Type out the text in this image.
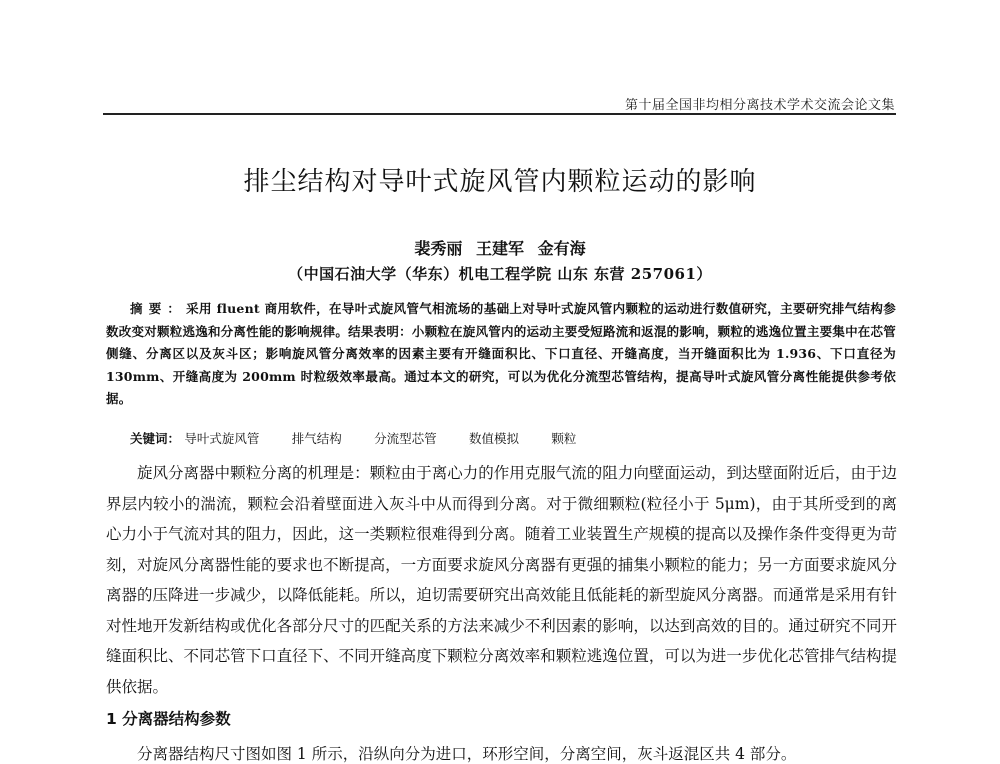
第十届全国非均相分离技术学术交流会论文集
排尘结构对导叶式旋风管内颗粒运动的影响
裴秀丽 王建军 金有海
（中国石油大学（华东）机电工程学院 山东 东营 257061）
摘要：采用 fluent 商用软件，在导叶式旋风管气相流场的基础上对导叶式旋风管内颗粒的运动进行数值研究，主要研究排气结构参数改变对颗粒逃逸和分离性能的影响规律。结果表明：小颗粒在旋风管内的运动主要受短路流和返混的影响，颗粒的逃逸位置主要集中在芯管侧缝、分离区以及灰斗区；影响旋风管分离效率的因素主要有开缝面积比、下口直径、开缝高度，当开缝面积比为 1.936、下口直径为 130mm、开缝高度为 200mm 时粒级效率最高。通过本文的研究，可以为优化分流型芯管结构，提高导叶式旋风管分离性能提供参考依据。
关键词： 导叶式旋风管	排气结构	分流型芯管	数值模拟	颗粒
旋风分离器中颗粒分离的机理是：颗粒由于离心力的作用克服气流的阻力向壁面运动，到达壁面附近后，由于边界层内较小的湍流，颗粒会沿着壁面进入灰斗中从而得到分离。对于微细颗粒(粒径小于 5μm)，由于其所受到的离心力小于气流对其的阻力，因此，这一类颗粒很难得到分离。随着工业装置生产规模的提高以及操作条件变得更为苛刻，对旋风分离器性能的要求也不断提高，一方面要求旋风分离器有更强的捕集小颗粒的能力；另一方面要求旋风分离器的压降进一步减少，以降低能耗。所以，迫切需要研究出高效能且低能耗的新型旋风分离器。而通常是采用有针对性地开发新结构或优化各部分尺寸的匹配关系的方法来减少不利因素的影响，以达到高效的目的。通过研究不同开缝面积比、不同芯管下口直径下、不同开缝高度下颗粒分离效率和颗粒逃逸位置，可以为进一步优化芯管排气结构提供依据。
1 分离器结构参数
分离器结构尺寸图如图 1 所示，沿纵向分为进口，环形空间，分离空间，灰斗返混区共 4 部分。
